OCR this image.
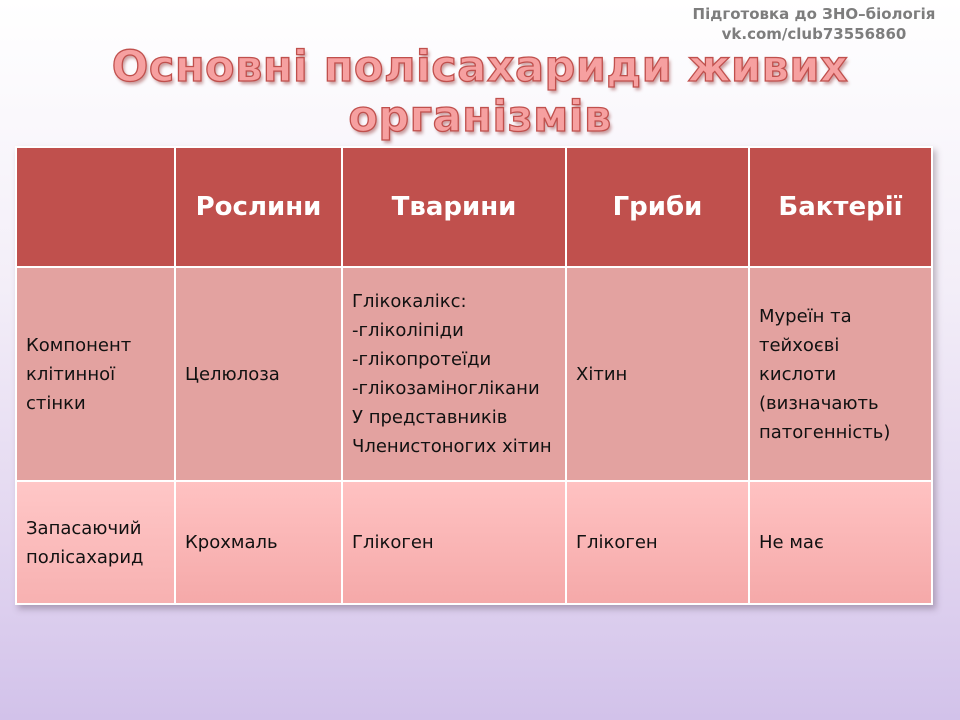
Підготовка до ЗНО–біологія
vk.com/club73556860
Основні полісахариди живих організмів
	Рослини	Тварини	Гриби	Бактерії
Компонент клітинної стінки	Целюлоза	Глікокалікс:
-гліколіпіди
-глікопротеїди
-глікозаміноглікани
У представників Членистоногих хітин	Хітин	Муреїн та тейхоєві кислоти (визначають патогенність)
Запасаючий полісахарид	Крохмаль	Глікоген	Глікоген	Не має
